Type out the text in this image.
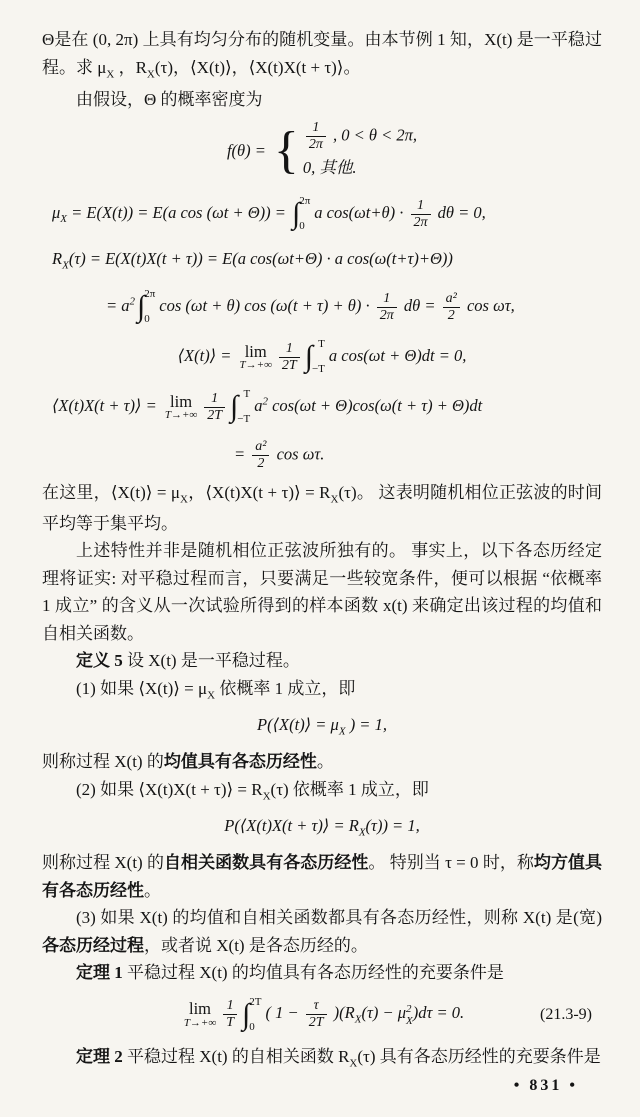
Θ是在 (0, 2π) 上具有均匀分布的随机变量。由本节例 1 知，X(t) 是一平稳过程。求 $\mu_X$ ，$R_X(\tau)$，⟨X(t)⟩，⟨X(t)X(t + τ)⟩。
由假设，Θ 的概率密度为
f(θ) = { $\frac{1}{2\pi}$ , 0 < θ < 2π,
0, 其他.
$\mu_X = E(X(t)) = E(a$ cos (ωt + Θ)) = ∫ 2π
0
a $\cos(\omega t+\theta) \cdot \frac{1}{2\pi}$ dθ = 0,
$R_X(\tau) = E(X(t)X(t + \tau)) = E(a$ cos(ωt+Θ) · a cos(ω(t+τ)+Θ))
= $a^2$ ∫ 2π
0
cos (ωt + θ) $\cos (\omega(t + \tau) + \theta) \cdot \frac{1}{2\pi}$ $d\theta = \frac{\text{a²}}{2}$ cos ωτ,
⟨X(t)⟩ = lim
$T\to+\infty \frac{1}{2T}$ ∫ T
−T
a cos(ωt + Θ)dt = 0,
⟨X(t)X(t + τ)⟩ = lim
$T\to+\infty \frac{1}{2T}$ ∫ T
−T
$a^2$ cos(ωt + Θ)cos(ω(t + τ) + Θ)dt
= $\frac{\text{a²}}{2}$ cos ωτ.
在这里，⟨X(t)⟩ = $\mu_X$，⟨X(t)X(t + τ)⟩ = $R_X(\tau)$。 这表明随机相位正弦波的时间平均等于集平均。
上述特性并非是随机相位正弦波所独有的。 事实上，以下各态历经定理将证实: 对平稳过程而言，只要满足一些较宽条件，便可以根据 “依概率 1 成立” 的含义从一次试验所得到的样本函数 x(t) 来确定出该过程的均值和自相关函数。
定义 5 设 X(t) 是一平稳过程。
(1) 如果 ⟨X(t)⟩ = $\mu_X$ 依概率 1 成立，即
P(⟨X(t)⟩ = $\mu_X$ ) = 1,
则称过程 X(t) 的均值具有各态历经性。
(2) 如果 ⟨X(t)X(t + τ)⟩ = $R_X(\tau)$ 依概率 1 成立，即
P(⟨X(t)X(t + τ)⟩ = $R_X(\tau)) = 1$,
则称过程 X(t) 的自相关函数具有各态历经性。 特别当 τ = 0 时，称均方值具有各态历经性。
(3) 如果 X(t) 的均值和自相关函数都具有各态历经性，则称 X(t) 是(宽)各态历经过程，或者说 X(t) 是各态历经的。
定理 1 平稳过程 X(t) 的均值具有各态历经性的充要条件是
lim
$T\to+\infty \frac{1}{T}$ ∫ 2T
0
( $1 - \frac{\tau}{2T} )(R_X(\tau) - \mu$ 2
X )dτ = 0.	(21.3-9)
定理 2 平稳过程 X(t) 的自相关函数 $R_X(\tau)$ 具有各态历经性的充要条件是
• 831 •
